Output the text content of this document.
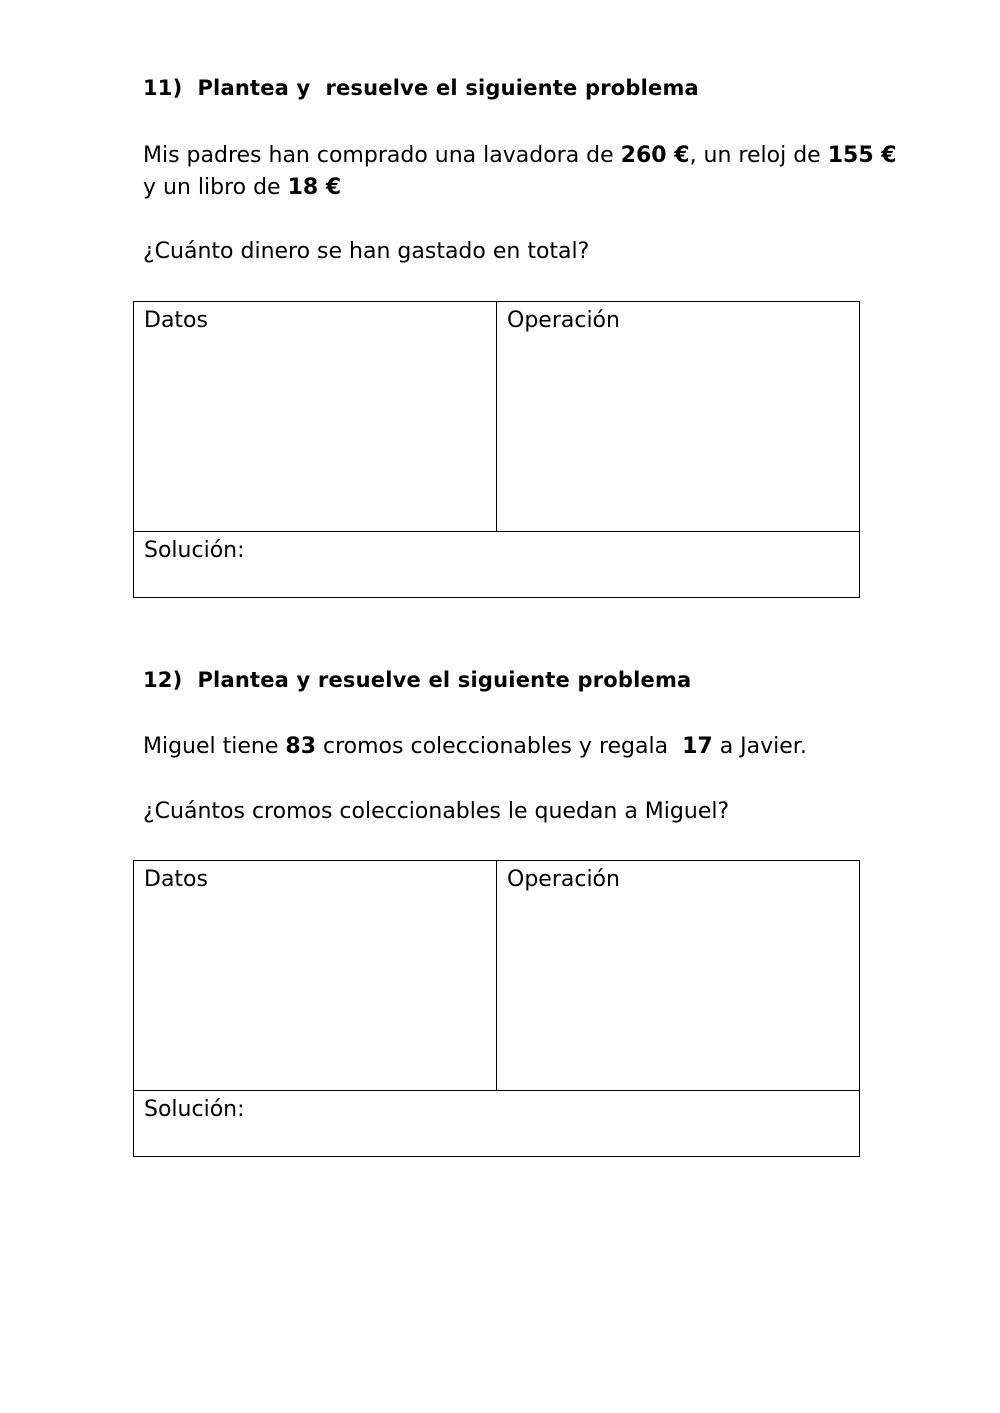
11) Plantea y  resuelve el siguiente problema
Mis padres han comprado una lavadora de 260 €, un reloj de 155 €
y un libro de 18 €
¿Cuánto dinero se han gastado en total?
Datos	Operación
Solución:
12) Plantea y resuelve el siguiente problema
Miguel tiene 83 cromos coleccionables y regala  17 a Javier.
¿Cuántos cromos coleccionables le quedan a Miguel?
Datos	Operación
Solución:
